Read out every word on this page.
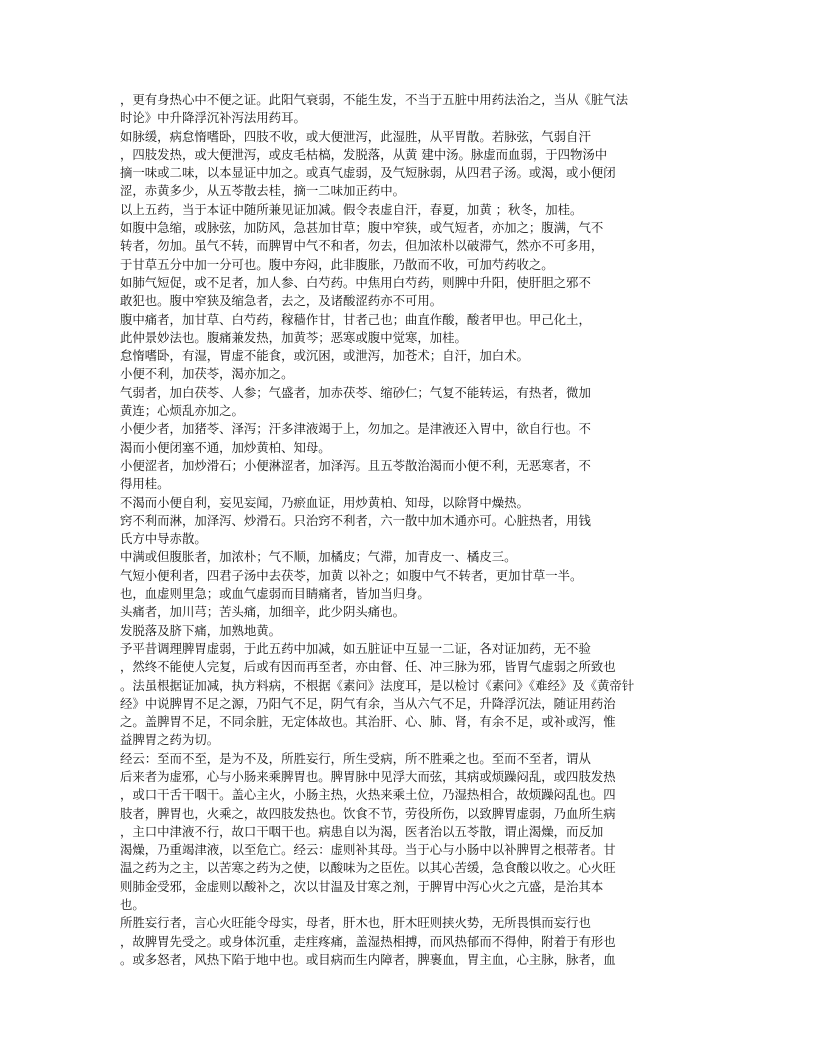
，更有身热心中不便之证。此阳气衰弱，不能生发，不当于五脏中用药法治之，当从《脏气法
时论》中升降浮沉补泻法用药耳。
如脉缓，病怠惰嗜卧，四肢不收，或大便泄泻，此湿胜，从平胃散。若脉弦，气弱自汗
，四肢发热，或大便泄泻，或皮毛枯槁，发脱落，从黄 建中汤。脉虚而血弱，于四物汤中
摘一味或二味，以本显证中加之。或真气虚弱，及气短脉弱，从四君子汤。或渴，或小便闭
涩，赤黄多少，从五苓散去桂，摘一二味加正药中。
以上五药，当于本证中随所兼见证加减。假令表虚自汗，春夏，加黄 ；秋冬，加桂。
如腹中急缩，或脉弦，加防风，急甚加甘草；腹中窄狭，或气短者，亦加之；腹满，气不
转者，勿加。虽气不转，而脾胃中气不和者，勿去，但加浓朴以破滞气，然亦不可多用，
于甘草五分中加一分可也。腹中夯闷，此非腹胀，乃散而不收，可加芍药收之。
如肺气短促，或不足者，加人参、白芍药。中焦用白芍药，则脾中升阳，使肝胆之邪不
敢犯也。腹中窄狭及缩急者，去之，及诸酸涩药亦不可用。
腹中痛者，加甘草、白芍药，稼穑作甘，甘者己也；曲直作酸，酸者甲也。甲己化土，
此仲景妙法也。腹痛兼发热，加黄芩；恶寒或腹中觉寒，加桂。
怠惰嗜卧，有湿，胃虚不能食，或沉困，或泄泻，加苍术；自汗，加白术。
小便不利，加茯苓，渴亦加之。
气弱者，加白茯苓、人参；气盛者，加赤茯苓、缩砂仁；气复不能转运，有热者，微加
黄连；心烦乱亦加之。
小便少者，加猪苓、泽泻；汗多津液竭于上，勿加之。是津液还入胃中，欲自行也。不
渴而小便闭塞不通，加炒黄柏、知母。
小便涩者，加炒滑石；小便淋涩者，加泽泻。且五苓散治渴而小便不利，无恶寒者，不
得用桂。
不渴而小便自利，妄见妄闻，乃瘀血证，用炒黄柏、知母，以除肾中燥热。
窍不利而淋，加泽泻、炒滑石。只治窍不利者，六一散中加木通亦可。心脏热者，用钱
氏方中导赤散。
中满或但腹胀者，加浓朴；气不顺，加橘皮；气滞，加青皮一、橘皮三。
气短小便利者，四君子汤中去茯苓，加黄 以补之；如腹中气不转者，更加甘草一半。
也，血虚则里急；或血气虚弱而目睛痛者，皆加当归身。
头痛者，加川芎；苦头痛，加细辛，此少阴头痛也。
发脱落及脐下痛，加熟地黄。
予平昔调理脾胃虚弱，于此五药中加减，如五脏证中互显一二证，各对证加药，无不验
，然终不能使人完复，后或有因而再至者，亦由督、任、冲三脉为邪，皆胃气虚弱之所致也
。法虽根据证加减，执方料病，不根据《素问》法度耳，是以检讨《素问》《难经》及《黄帝针
经》中说脾胃不足之源，乃阳气不足，阴气有余，当从六气不足，升降浮沉法，随证用药治
之。盖脾胃不足，不同余脏，无定体故也。其治肝、心、肺、肾，有余不足，或补或泻，惟
益脾胃之药为切。
经云：至而不至，是为不及，所胜妄行，所生受病，所不胜乘之也。至而不至者，谓从
后来者为虚邪，心与小肠来乘脾胃也。脾胃脉中见浮大而弦，其病或烦躁闷乱，或四肢发热
，或口干舌干咽干。盖心主火，小肠主热，火热来乘土位，乃湿热相合，故烦躁闷乱也。四
肢者，脾胃也，火乘之，故四肢发热也。饮食不节，劳役所伤，以致脾胃虚弱，乃血所生病
，主口中津液不行，故口干咽干也。病患自以为渴，医者治以五苓散，谓止渴燥，而反加
渴燥，乃重竭津液，以至危亡。经云：虚则补其母。当于心与小肠中以补脾胃之根蒂者。甘
温之药为之主，以苦寒之药为之使，以酸味为之臣佐。以其心苦缓，急食酸以收之。心火旺
则肺金受邪，金虚则以酸补之，次以甘温及甘寒之剂，于脾胃中泻心火之亢盛，是治其本
也。
所胜妄行者，言心火旺能令母实，母者，肝木也，肝木旺则挟火势，无所畏惧而妄行也
，故脾胃先受之。或身体沉重，走疰疼痛，盖湿热相搏，而风热郁而不得伸，附着于有形也
。或多怒者，风热下陷于地中也。或目病而生内障者，脾裹血，胃主血，心主脉，脉者，血
